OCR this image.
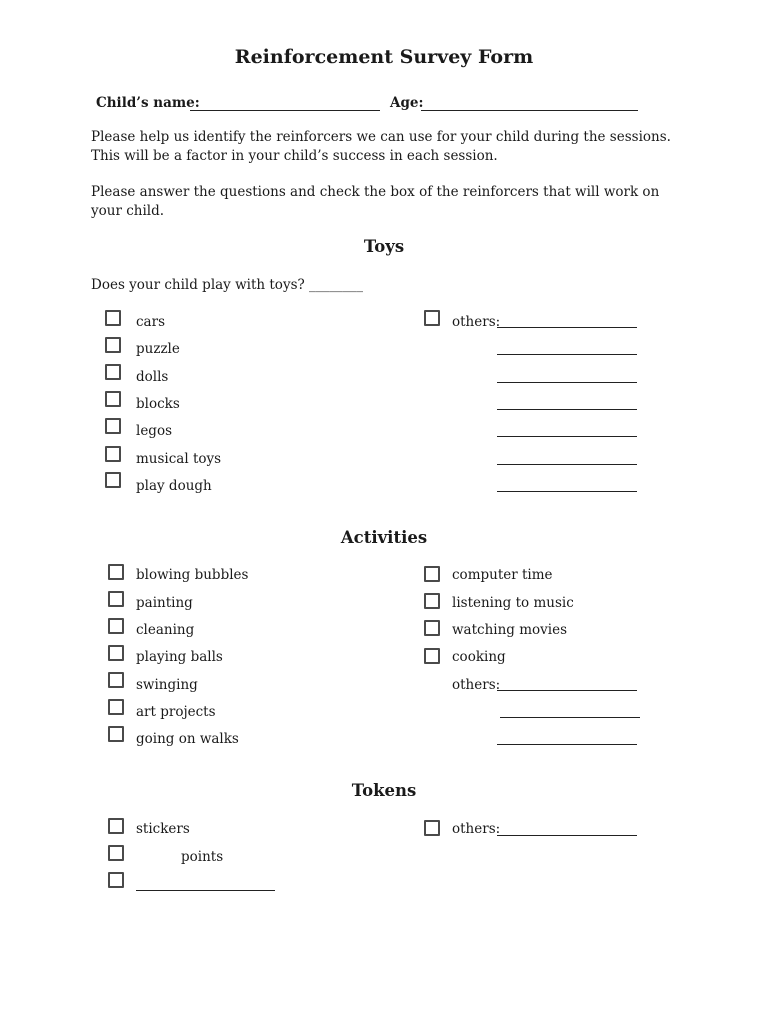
Reinforcement Survey Form
Child’s name:	Age:
Please help us identify the reinforcers we can use for your child during the sessions. This will be a factor in your child’s success in each session.
Please answer the questions and check the box of the reinforcers that will work on your child.
Toys
Does your child play with toys? ________
cars
puzzle
dolls
blocks
legos
musical toys
play dough
others:
Activities
blowing bubbles
painting
cleaning
playing balls
swinging
art projects
going on walks
computer time
listening to music
watching movies
cooking
others:
Tokens
stickers
points
others:
